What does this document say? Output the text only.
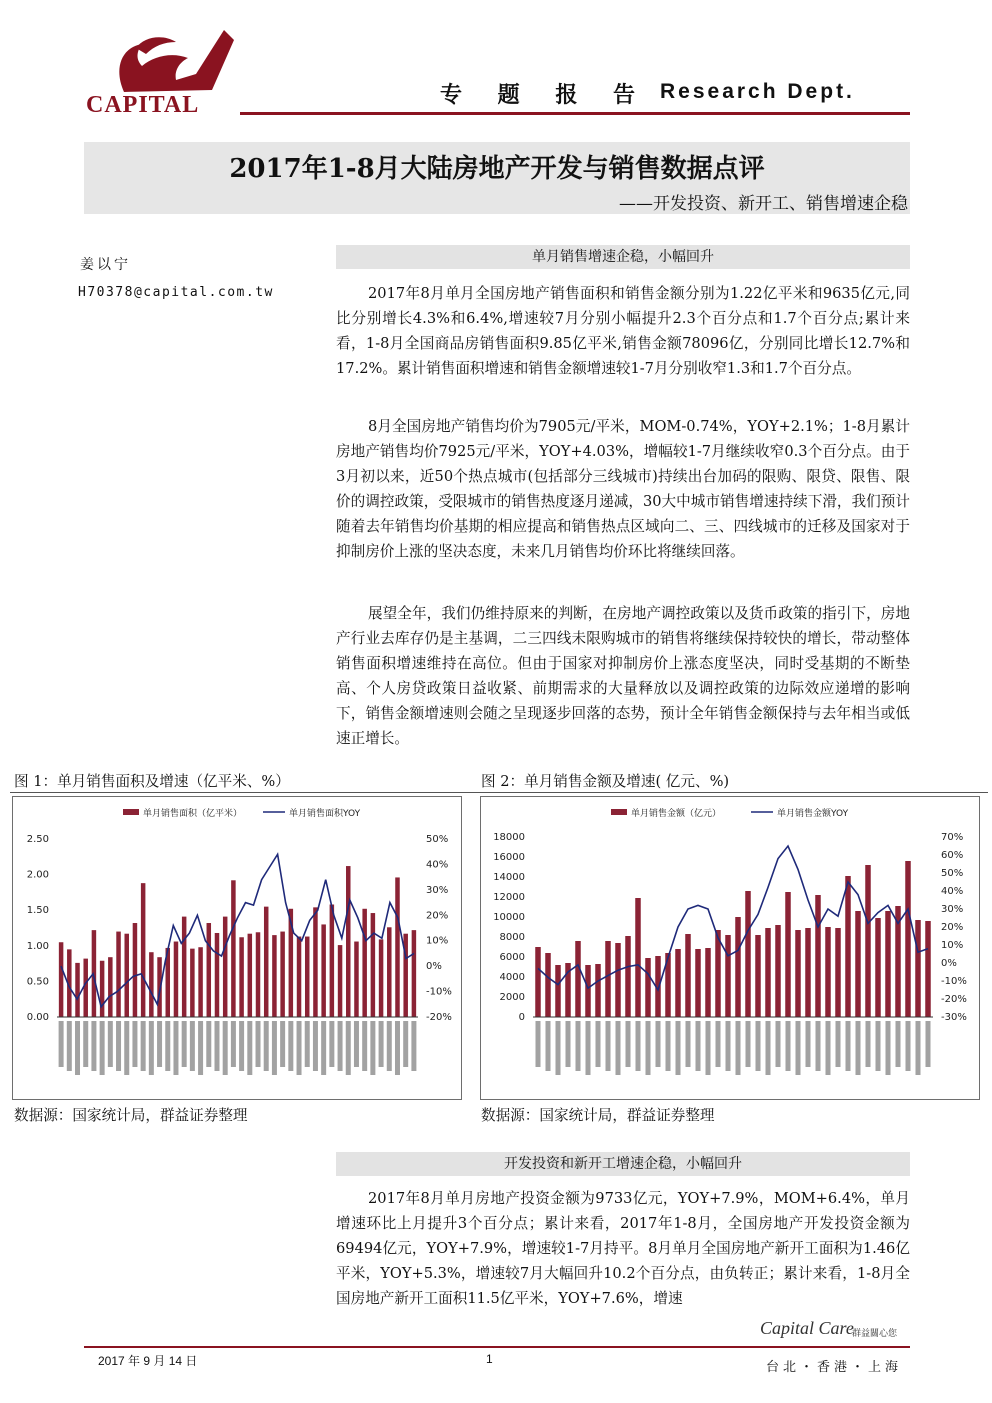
CAPITAL	专 题 报 告 Research Dept.
2017年1-8月大陆房地产开发与销售数据点评
——开发投资、新开工、销售增速企稳
姜以宁
H70378@capital.com.tw
单月销售增速企稳，小幅回升

2017年8月单月全国房地产销售面积和销售金额分别为1.22亿平米和9635亿元,同比分别增长4.3%和6.4%,增速较7月分别小幅提升2.3个百分点和1.7个百分点;累计来看，1-8月全国商品房销售面积9.85亿平米,销售金额78096亿，分别同比增长12.7%和17.2%。累计销售面积增速和销售金额增速较1-7月分别收窄1.3和1.7个百分点。

8月全国房地产销售均价为7905元/平米，MOM-0.74%，YOY+2.1%；1-8月累计房地产销售均价7925元/平米，YOY+4.03%，增幅较1-7月继续收窄0.3个百分点。由于3月初以来，近50个热点城市(包括部分三线城市)持续出台加码的限购、限贷、限售、限价的调控政策，受限城市的销售热度逐月递减，30大中城市销售增速持续下滑，我们预计随着去年销售均价基期的相应提高和销售热点区域向二、三、四线城市的迁移及国家对于抑制房价上涨的坚决态度，未来几月销售均价环比将继续回落。

展望全年，我们仍维持原来的判断，在房地产调控政策以及货币政策的指引下，房地产行业去库存仍是主基调，二三四线未限购城市的销售将继续保持较快的增长，带动整体销售面积增速维持在高位。但由于国家对抑制房价上涨态度坚决，同时受基期的不断垫高、个人房贷政策日益收紧、前期需求的大量释放以及调控政策的边际效应递增的影响下，销售金额增速则会随之呈现逐步回落的态势，预计全年销售金额保持与去年相当或低速正增长。

图 1：单月销售面积及增速（亿平米、%）	图 2：单月销售金额及增速( 亿元、%)
单月销售面积（亿平米）	单月销售面积YOY
2.50
2.00
1.50
1.00
0.50
0.00
50%
40%
30%
20%
10%
0%
-10%
-20%
单月销售金额（亿元）	单月销售金额YOY
18000
16000
14000
12000
10000
8000
6000
4000
2000
0
70%
60%
50%
40%
30%
20%
10%
0%
-10%
-20%
-30%
数据源：国家统计局，群益证券整理	数据源：国家统计局，群益证券整理
开发投资和新开工增速企稳，小幅回升

2017年8月单月房地产投资金额为9733亿元，YOY+7.9%，MOM+6.4%，单月增速环比上月提升3个百分点；累计来看，2017年1-8月，全国房地产开发投资金额为69494亿元，YOY+7.9%，增速较1-7月持平。8月单月全国房地产新开工面积为1.46亿平米，YOY+5.3%，增速较7月大幅回升10.2个百分点，由负转正；累计来看，1-8月全国房地产新开工面积11.5亿平米，YOY+7.6%，增速

Capital Care
群益關心您
2017 年 9 月 14 日	1
台北・香港・上海
